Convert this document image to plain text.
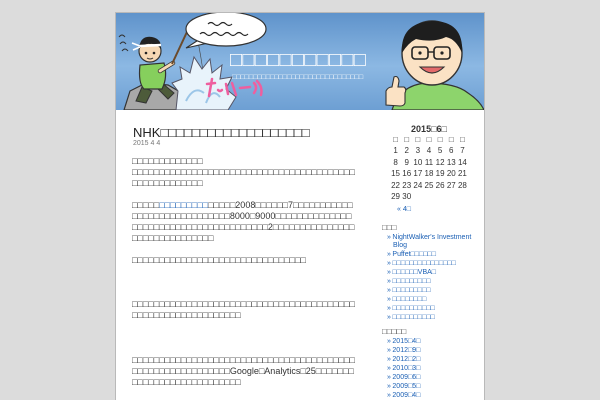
□□□□□□□□□□□
□□□□□□□□□□□□□□□□□□□□□□□□□□□□□□□
NHK□□□□□□□□□□□□□□□□□□□
2015 4 4
□□□□□□□□□□□□□
□□□□□□□□□□□□□□□□□□□□□□□□□□□□□□□□□□□□□□□□□
□□□□□□□□□□□□□
□□□□□□□□□□□□□□□□□□□2008□□□□□□7□□□□□□□□□□□
□□□□□□□□□□□□□□□□□□8000□9000□□□□□□□□□□□□□□
□□□□□□□□□□□□□□□□□□□□□□□□□2□□□□□□□□□□□□□□□
□□□□□□□□□□□□□□□
□□□□□□□□□□□□□□□□□□□□□□□□□□□□□□□□
□□□□□□□□□□□□□□□□□□□□□□□□□□□□□□□□□□□□□□□□□
□□□□□□□□□□□□□□□□□□□□
□□□□□□□□□□□□□□□□□□□□□□□□□□□□□□□□□□□□□□□□□
□□□□□□□□□□□□□□□□□□Google□Analytics□25□□□□□□□
□□□□□□□□□□□□□□□□□□□□
2015□6□
□	□	□	□	□	□	□
1	2	3	4	5	6	7
8	9	10	11	12	13	14
15	16	17	18	19	20	21
22	23	24	25	26	27	28
29	30					
« 4□
□□□
» NightWalker's Investment Blog
» Puffet□□□□□□
» □□□□□□□□□□□□□□□
» □□□□□□VBA□
» □□□□□□□□□
» □□□□□□□□□
» □□□□□□□□
» □□□□□□□□□□
» □□□□□□□□□□
□□□□□
» 2015□4□
» 2012□9□
» 2012□2□
» 2010□3□
» 2009□6□
» 2009□5□
» 2009□4□
